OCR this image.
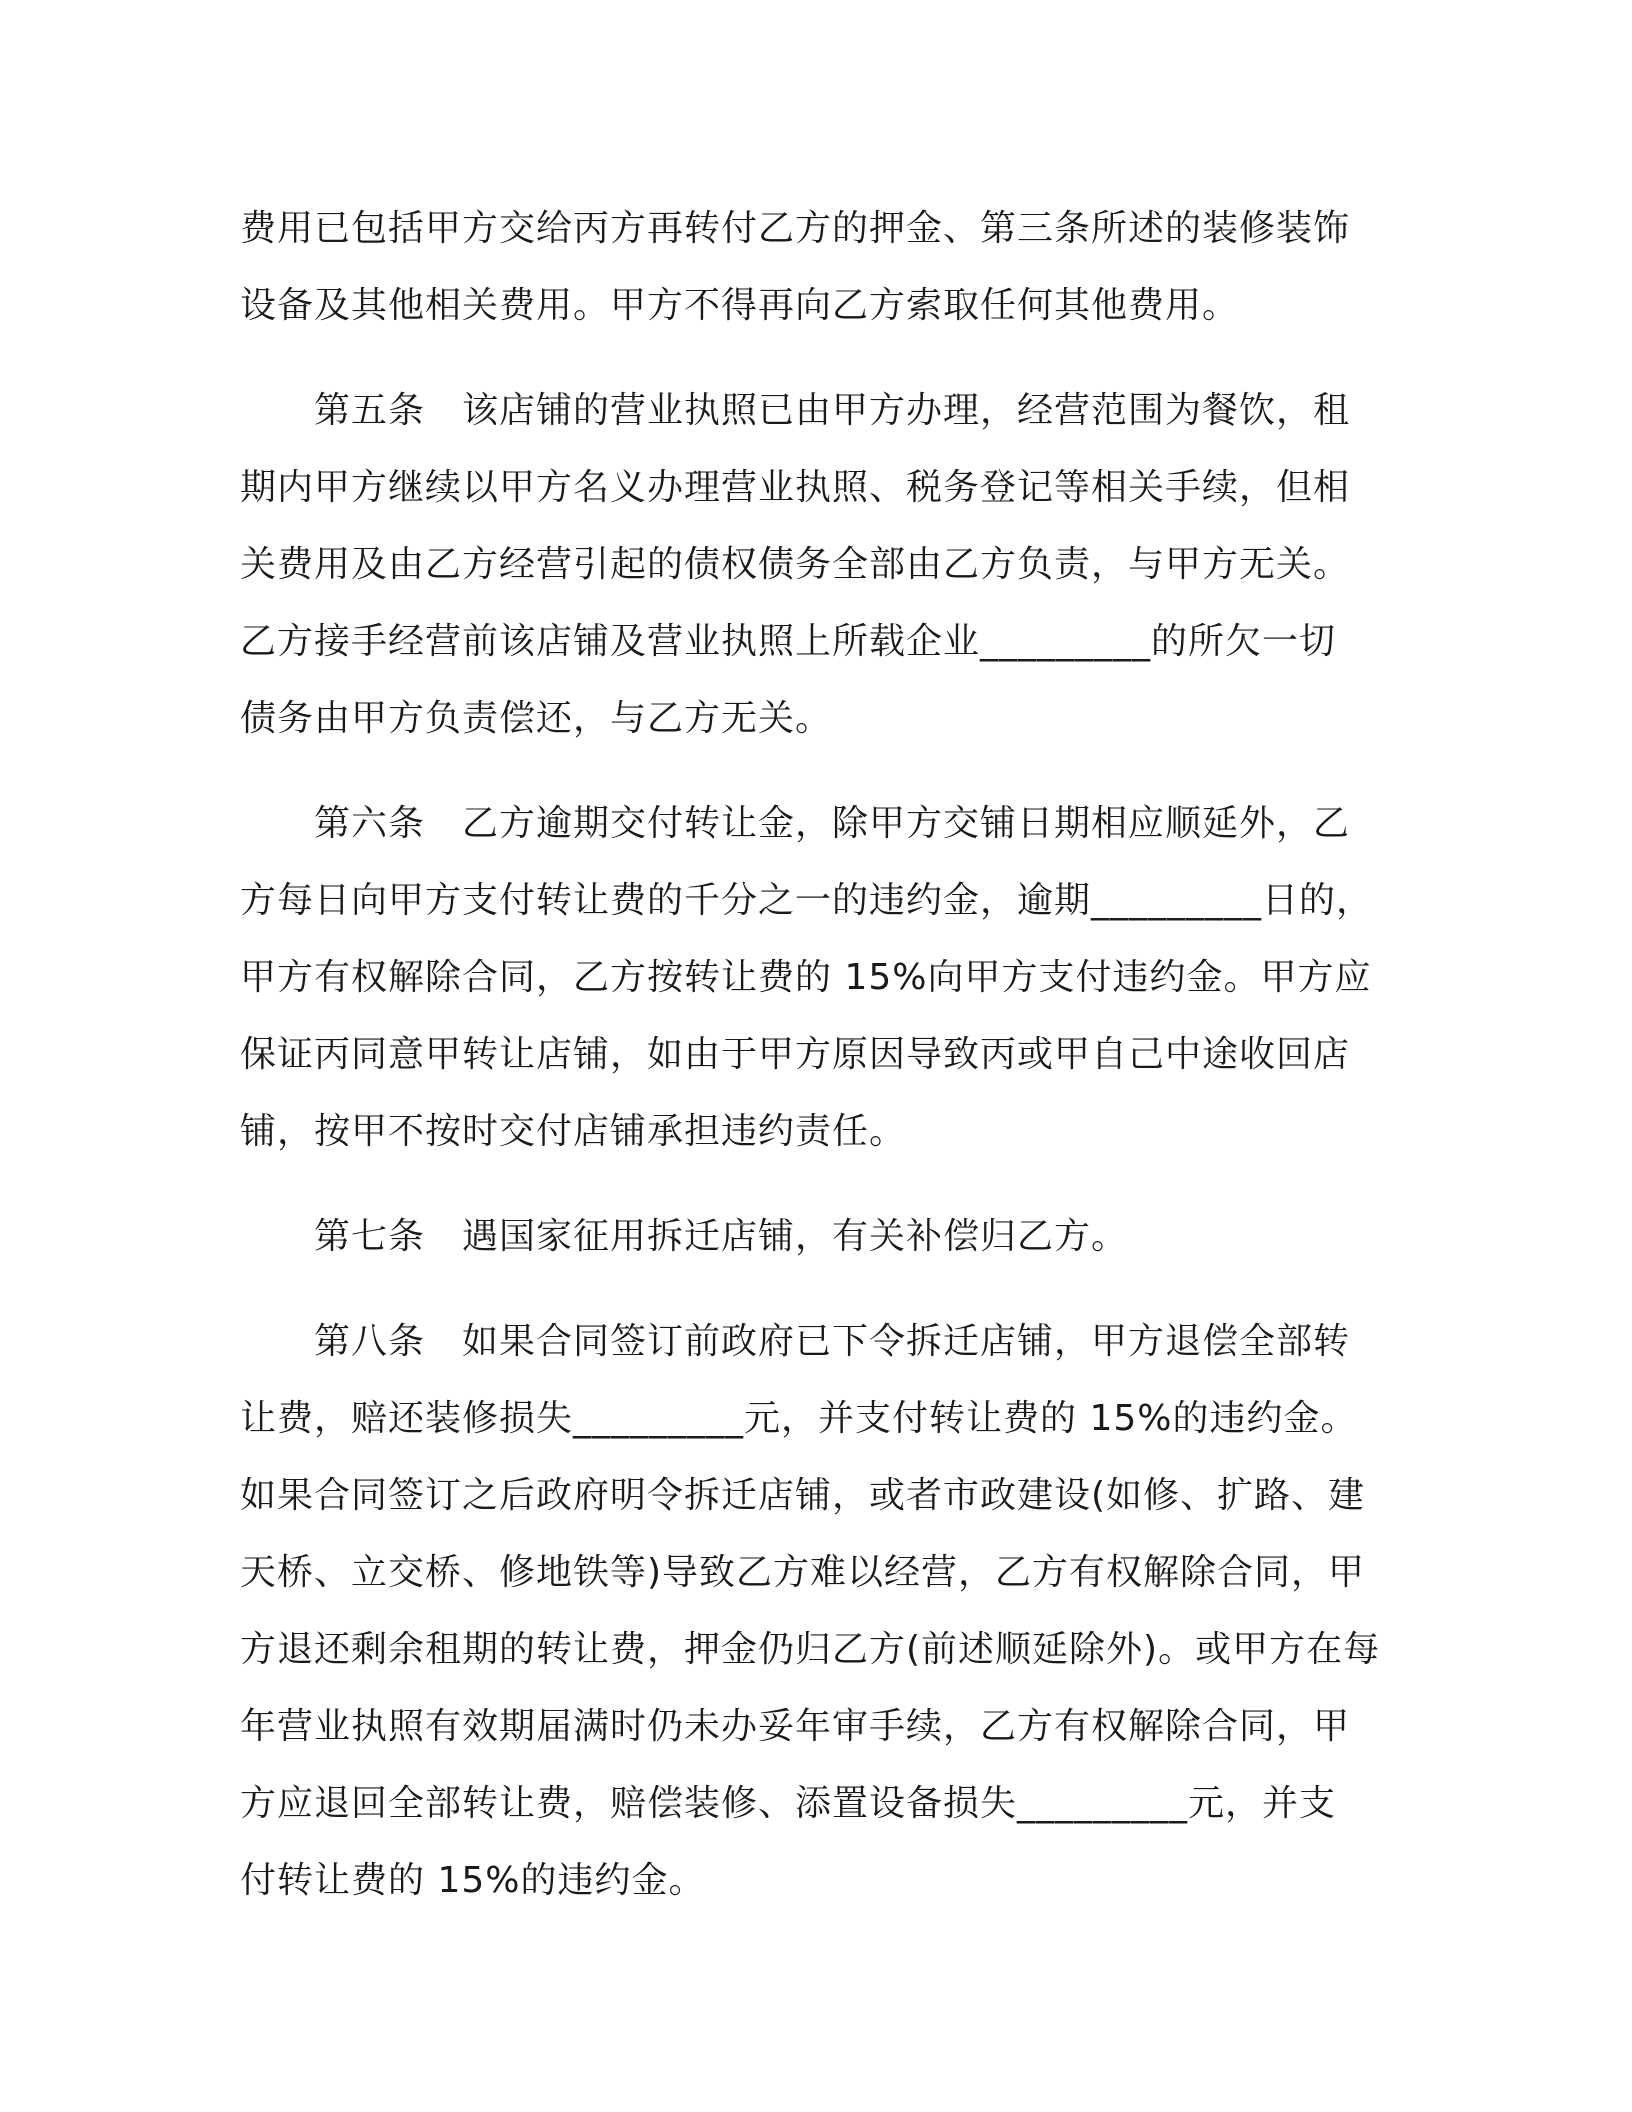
费用已包括甲方交给丙方再转付乙方的押金、第三条所述的装修装饰
设备及其他相关费用。甲方不得再向乙方索取任何其他费用。
　　第五条　该店铺的营业执照已由甲方办理，经营范围为餐饮，租
期内甲方继续以甲方名义办理营业执照、税务登记等相关手续，但相
关费用及由乙方经营引起的债权债务全部由乙方负责，与甲方无关。
乙方接手经营前该店铺及营业执照上所载企业_________的所欠一切
债务由甲方负责偿还，与乙方无关。
　　第六条　乙方逾期交付转让金，除甲方交铺日期相应顺延外，乙
方每日向甲方支付转让费的千分之一的违约金，逾期_________日的，
甲方有权解除合同，乙方按转让费的 15%向甲方支付违约金。甲方应
保证丙同意甲转让店铺，如由于甲方原因导致丙或甲自己中途收回店
铺，按甲不按时交付店铺承担违约责任。
　　第七条　遇国家征用拆迁店铺，有关补偿归乙方。
　　第八条　如果合同签订前政府已下令拆迁店铺，甲方退偿全部转
让费，赔还装修损失_________元，并支付转让费的 15%的违约金。
如果合同签订之后政府明令拆迁店铺，或者市政建设(如修、扩路、建
天桥、立交桥、修地铁等)导致乙方难以经营，乙方有权解除合同，甲
方退还剩余租期的转让费，押金仍归乙方(前述顺延除外)。或甲方在每
年营业执照有效期届满时仍未办妥年审手续，乙方有权解除合同，甲
方应退回全部转让费，赔偿装修、添置设备损失_________元，并支
付转让费的 15%的违约金。
